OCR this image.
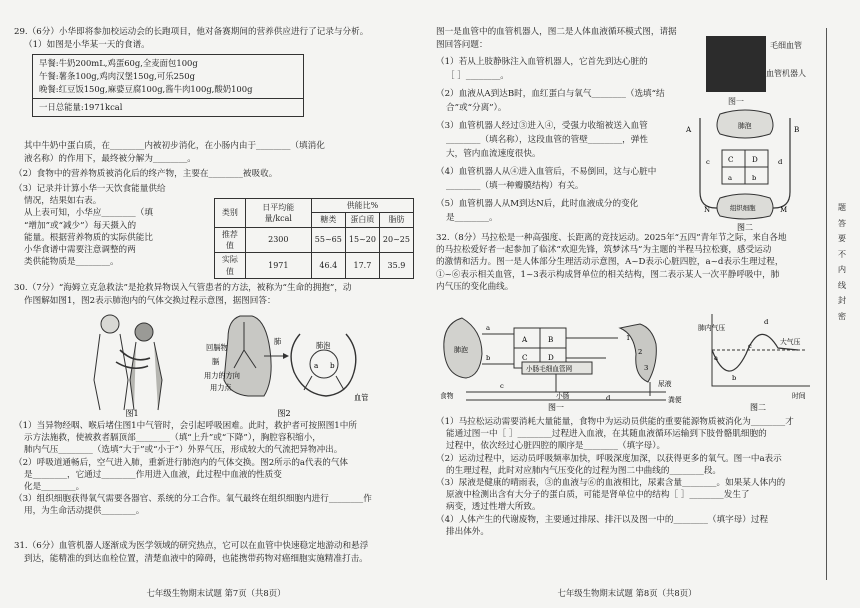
29.（6分）小华即将参加校运动会的长跑项目，他对备赛期间的营养供应进行了记录与分析。

（1）如图是小华某一天的食谱。

早餐:牛奶200mL,鸡蛋60g,全麦面包100g
午餐:薯条100g,鸡肉汉堡150g,可乐250g
晚餐:红豆饭150g,麻婆豆腐100g,酱牛肉100g,酸奶100g
一日总能量:1971kcal

其中牛奶中蛋白质，在________内被初步消化，在小肠内由于________（填消化

液名称）的作用下，最终被分解为________。

（2）食物中的营养物质被消化后的终产物，主要在________被吸收。

（3）记录并计算小华一天饮食能量供给
情况，结果如右表。
从上表可知，小华应________（填
“增加”或“减少”）每天摄入的
能量。根据营养物质的实际供能比
小华食谱中需要注意调整的两
类供能物质是________。
类别	日平均能量/kcal	供能比%		
		糖类	蛋白质	脂肪
推荐值	2300	55~65	15~20	20~25
实际值	1971	46.4	17.7	35.9

30.（7分）“海姆立克急救法”是抢救异物误入气管患者的方法，被称为“生命的拥抱”，动

作图解如图1，图2表示肺泡内的气体交换过程示意图，据图回答：

图1
回膈物
膈
肺	肺泡
用力的方向
用力点
血管
a b
图2
（1）当异物经咽、喉后堵住图1中气管时，会引起呼吸困难。此时，救护者可按照图1中所
示方法施救，使被救者膈顶部________（填“上升”或“下降”），胸腔容积缩小，
肺内气压________（选填“大于”或“小于”）外界气压，形成较大的气流把异物冲出。
（2）呼吸道通畅后，空气进入肺，重新进行肺泡内的气体交换。图2所示的a代表的气体
是________，它通过________作用进入血液，此过程中血液的性质变
化是________。
（3）组织细胞获得氧气需要各器官、系统的分工合作。氧气最终在组织细胞内进行________作
用，为生命活动提供________。

31.（6分）血管机器人逐渐成为医学领域的研究热点，它可以在血管中快速稳定地游动和悬浮

到达，能精准的到达血栓位置，清楚血液中的障碍，也能携带药物对癌细胞实施精准打击。

七年级生物期末试题 第7页（共8页）

图一是血管中的血管机器人，图二是人体血液循环模式图，请据

图回答问题：

（1）若从上肢静脉注入血管机器人，它首先到达心脏的
［ ］________。
（2）血液从A到达B时，血红蛋白与氧气________（选填“结
合”或“分离”）。
（3）血管机器人经过③进入④，受强力收缩被送入血管
________（填名称），这段血管的管壁________，弹性
大，管内血流速度很快。
（4）血管机器人从④进入血管后，不易倒回，这与心脏中
________（填一种瓣膜结构）有关。
（5）血管机器人从M到达N后，此时血液成分的变化
是________。
32.（8分）马拉松是一种高强度、长距离的竞技运动。2025年“五四”青年节之际，来自各地
的马拉松爱好者一起参加了临沭“欢迎先锋，筑梦沭马”为主题的半程马拉松赛，感受运动
的激情和活力。图一是人体部分生理活动示意图，A~D表示心脏四腔，a~d表示生理过程，
①~⑥表示相关血管，1~3表示构成肾单位的相关结构，图二表示某人一次平静呼吸中，肺
内气压的变化曲线。
肺泡
A	B
C	D
小肠毛细血管网
小肠
食物
尿液
粪便
a
b
c
d
1
2
3
图一
肺内气压
时间
大气压
a
b
c
d
图二
（1）马拉松运动需要消耗大量能量，食物中为运动员供能的重要能源物质被消化为________才
能通过图一中［ ］________过程进入血液，在其随血液循环运输到下肢骨骼肌细胞的
过程中，依次经过心脏四腔的顺序是________（填字母）。
（2）运动过程中，运动员呼吸频率加快，呼吸深度加深，以获得更多的氧气。图一中a表示
的生理过程，此时对应肺内气压变化的过程为图二中曲线的________段。
（3）尿液是健康的晴雨表，③的血液与⑥的血液相比，尿素含量________。如果某人体内的
原液中检测出含有大分子的蛋白质，可能是肾单位中的结构［ ］________发生了
病变，透过性增大所致。
（4）人体产生的代谢废物，主要通过排尿、排汗以及图一中的________（填字母）过程
排出体外。
七年级生物期末试题 第8页（共8页）
毛细血管
血管机器人
图一
肺泡
A	B
C	D
a	b
c	d
N	M
组织细胞
图二
题
答
要
不
内
线
封
密
